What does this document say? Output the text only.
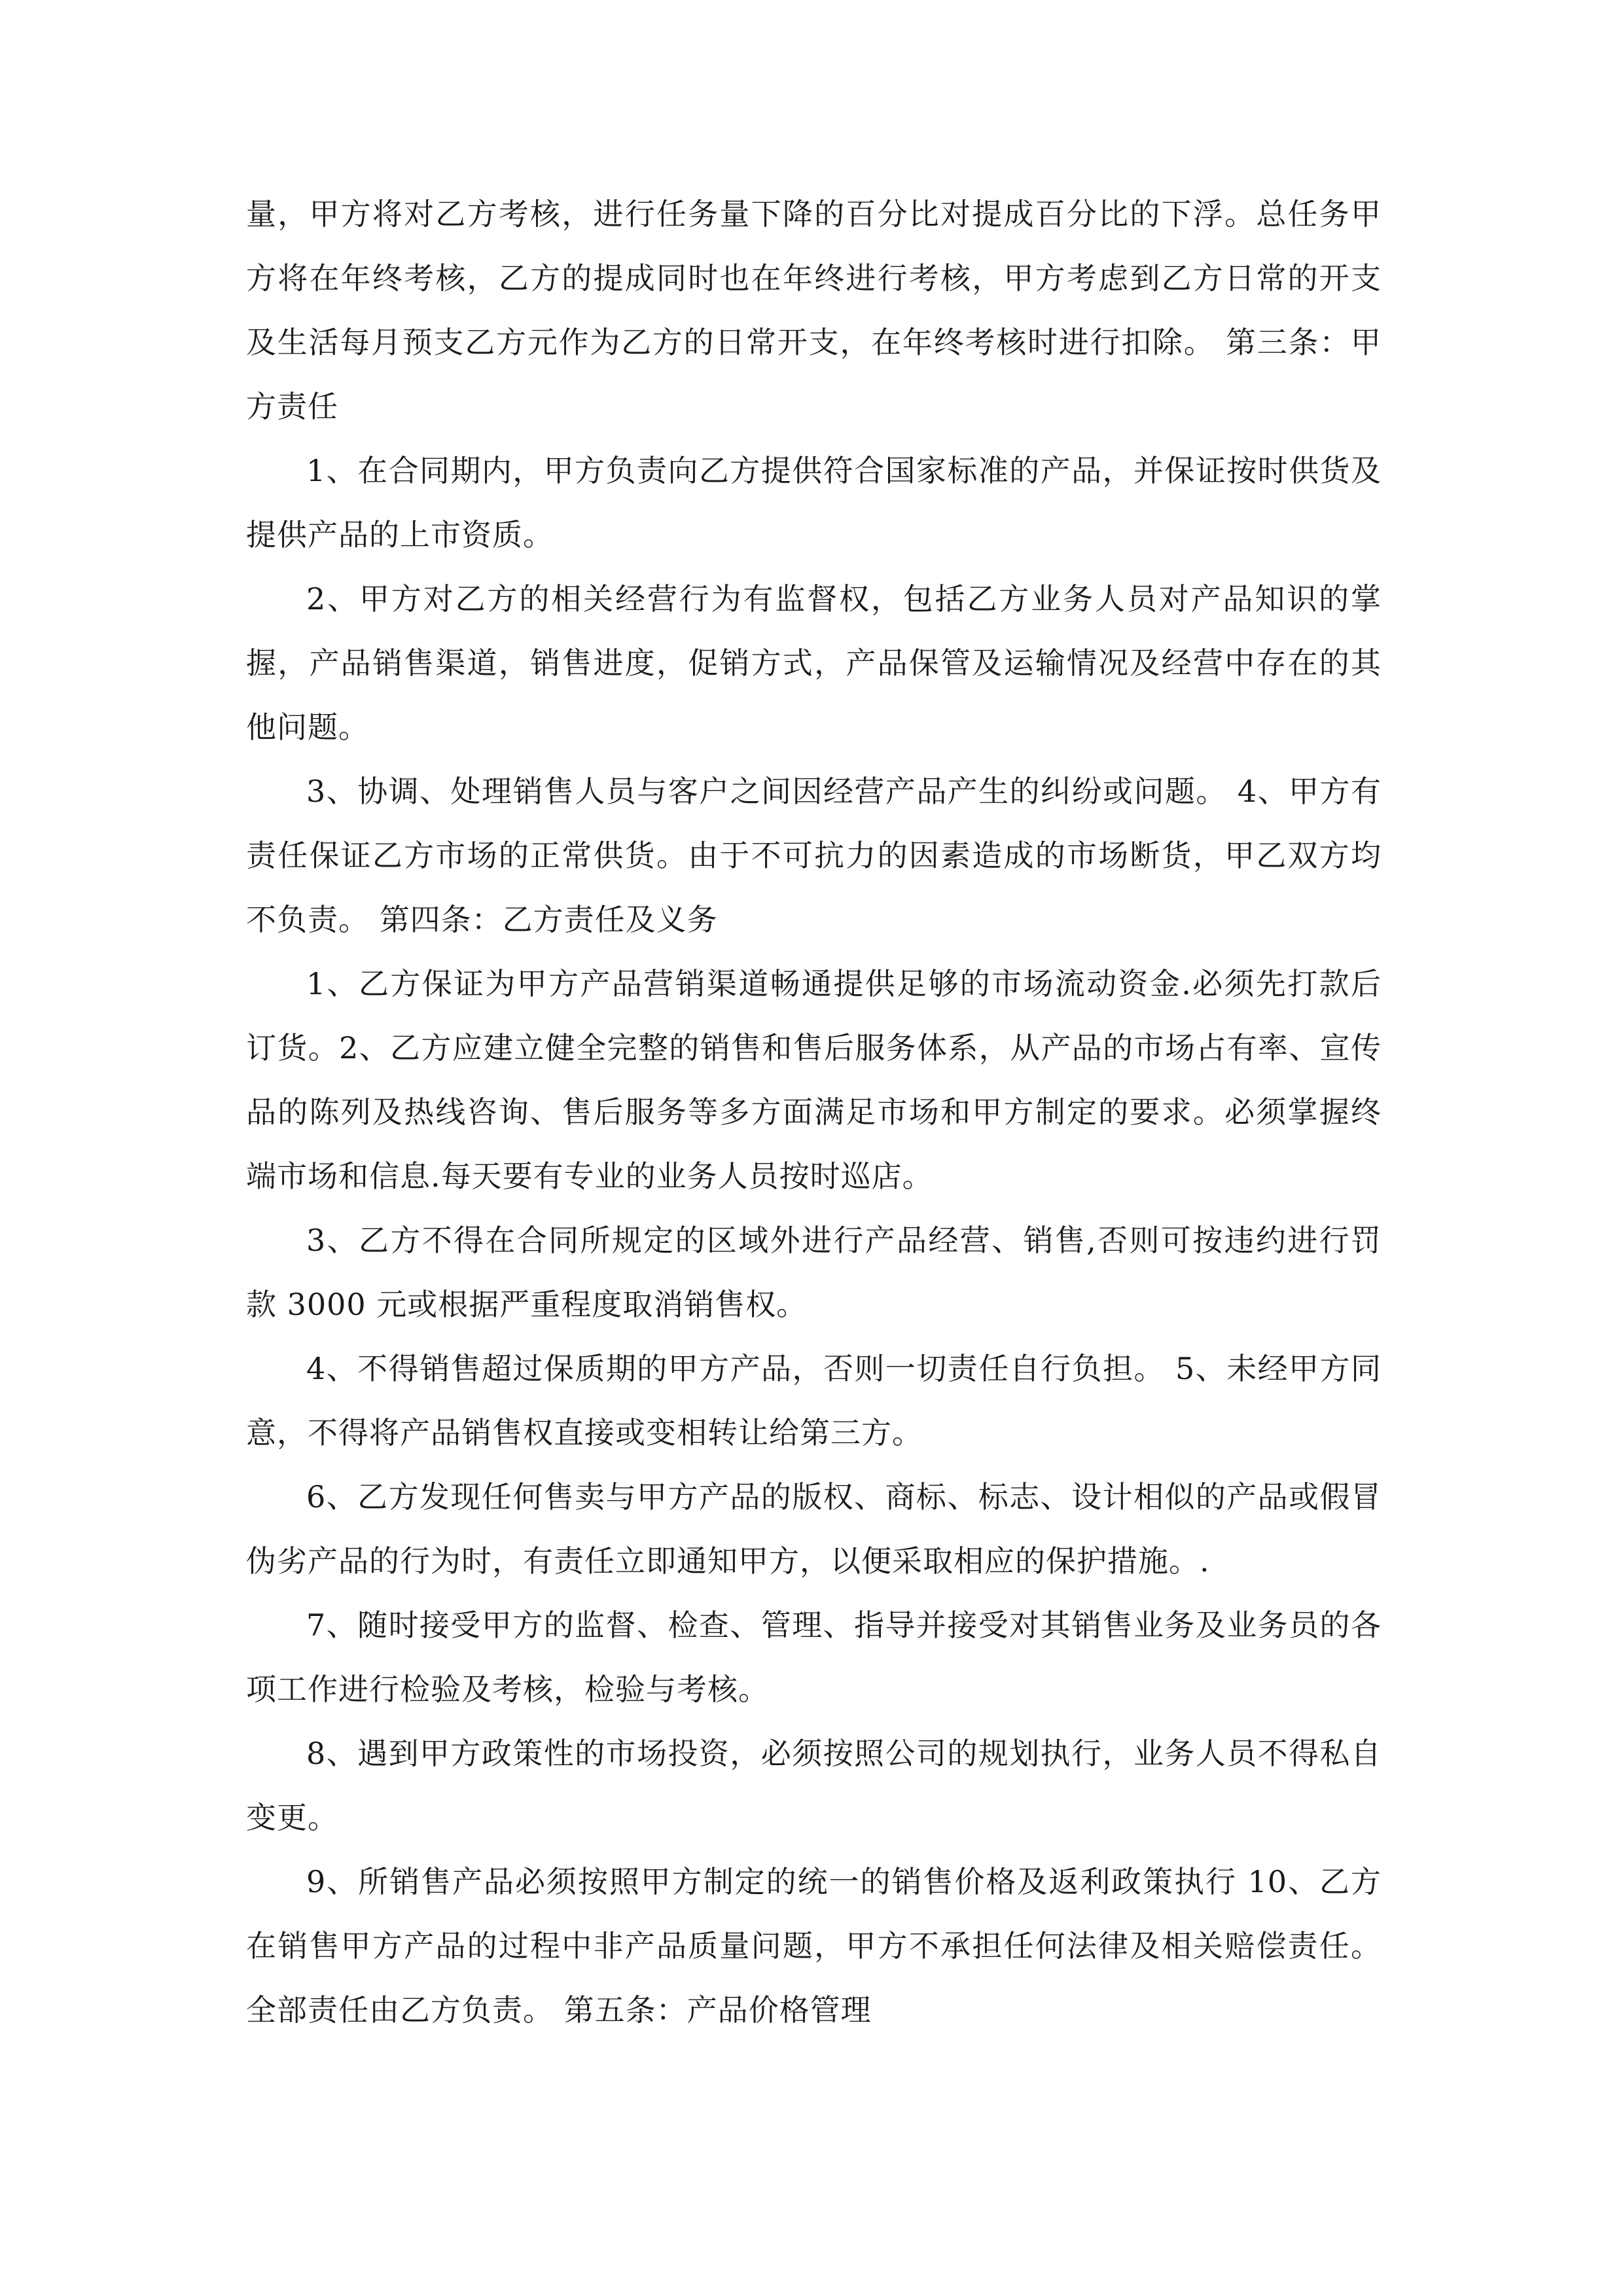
量，甲方将对乙方考核，进行任务量下降的百分比对提成百分比的下浮。总任务甲方将在年终考核，乙方的提成同时也在年终进行考核，甲方考虑到乙方日常的开支及生活每月预支乙方元作为乙方的日常开支，在年终考核时进行扣除。 第三条：甲方责任

1、在合同期内，甲方负责向乙方提供符合国家标准的产品，并保证按时供货及提供产品的上市资质。

2、甲方对乙方的相关经营行为有监督权，包括乙方业务人员对产品知识的掌握，产品销售渠道，销售进度，促销方式，产品保管及运输情况及经营中存在的其他问题。

3、协调、处理销售人员与客户之间因经营产品产生的纠纷或问题。 4、甲方有责任保证乙方市场的正常供货。由于不可抗力的因素造成的市场断货，甲乙双方均不负责。 第四条：乙方责任及义务

1、乙方保证为甲方产品营销渠道畅通提供足够的市场流动资金.必须先打款后订货。2、乙方应建立健全完整的销售和售后服务体系，从产品的市场占有率、宣传品的陈列及热线咨询、售后服务等多方面满足市场和甲方制定的要求。必须掌握终端市场和信息.每天要有专业的业务人员按时巡店。

3、乙方不得在合同所规定的区域外进行产品经营、销售,否则可按违约进行罚款 3000 元或根据严重程度取消销售权。

4、不得销售超过保质期的甲方产品，否则一切责任自行负担。 5、未经甲方同意，不得将产品销售权直接或变相转让给第三方。

6、乙方发现任何售卖与甲方产品的版权、商标、标志、设计相似的产品或假冒伪劣产品的行为时，有责任立即通知甲方，以便采取相应的保护措施。.

7、随时接受甲方的监督、检查、管理、指导并接受对其销售业务及业务员的各项工作进行检验及考核，检验与考核。

8、遇到甲方政策性的市场投资，必须按照公司的规划执行，业务人员不得私自变更。

9、所销售产品必须按照甲方制定的统一的销售价格及返利政策执行 10、乙方在销售甲方产品的过程中非产品质量问题，甲方不承担任何法律及相关赔偿责任。全部责任由乙方负责。 第五条：产品价格管理
